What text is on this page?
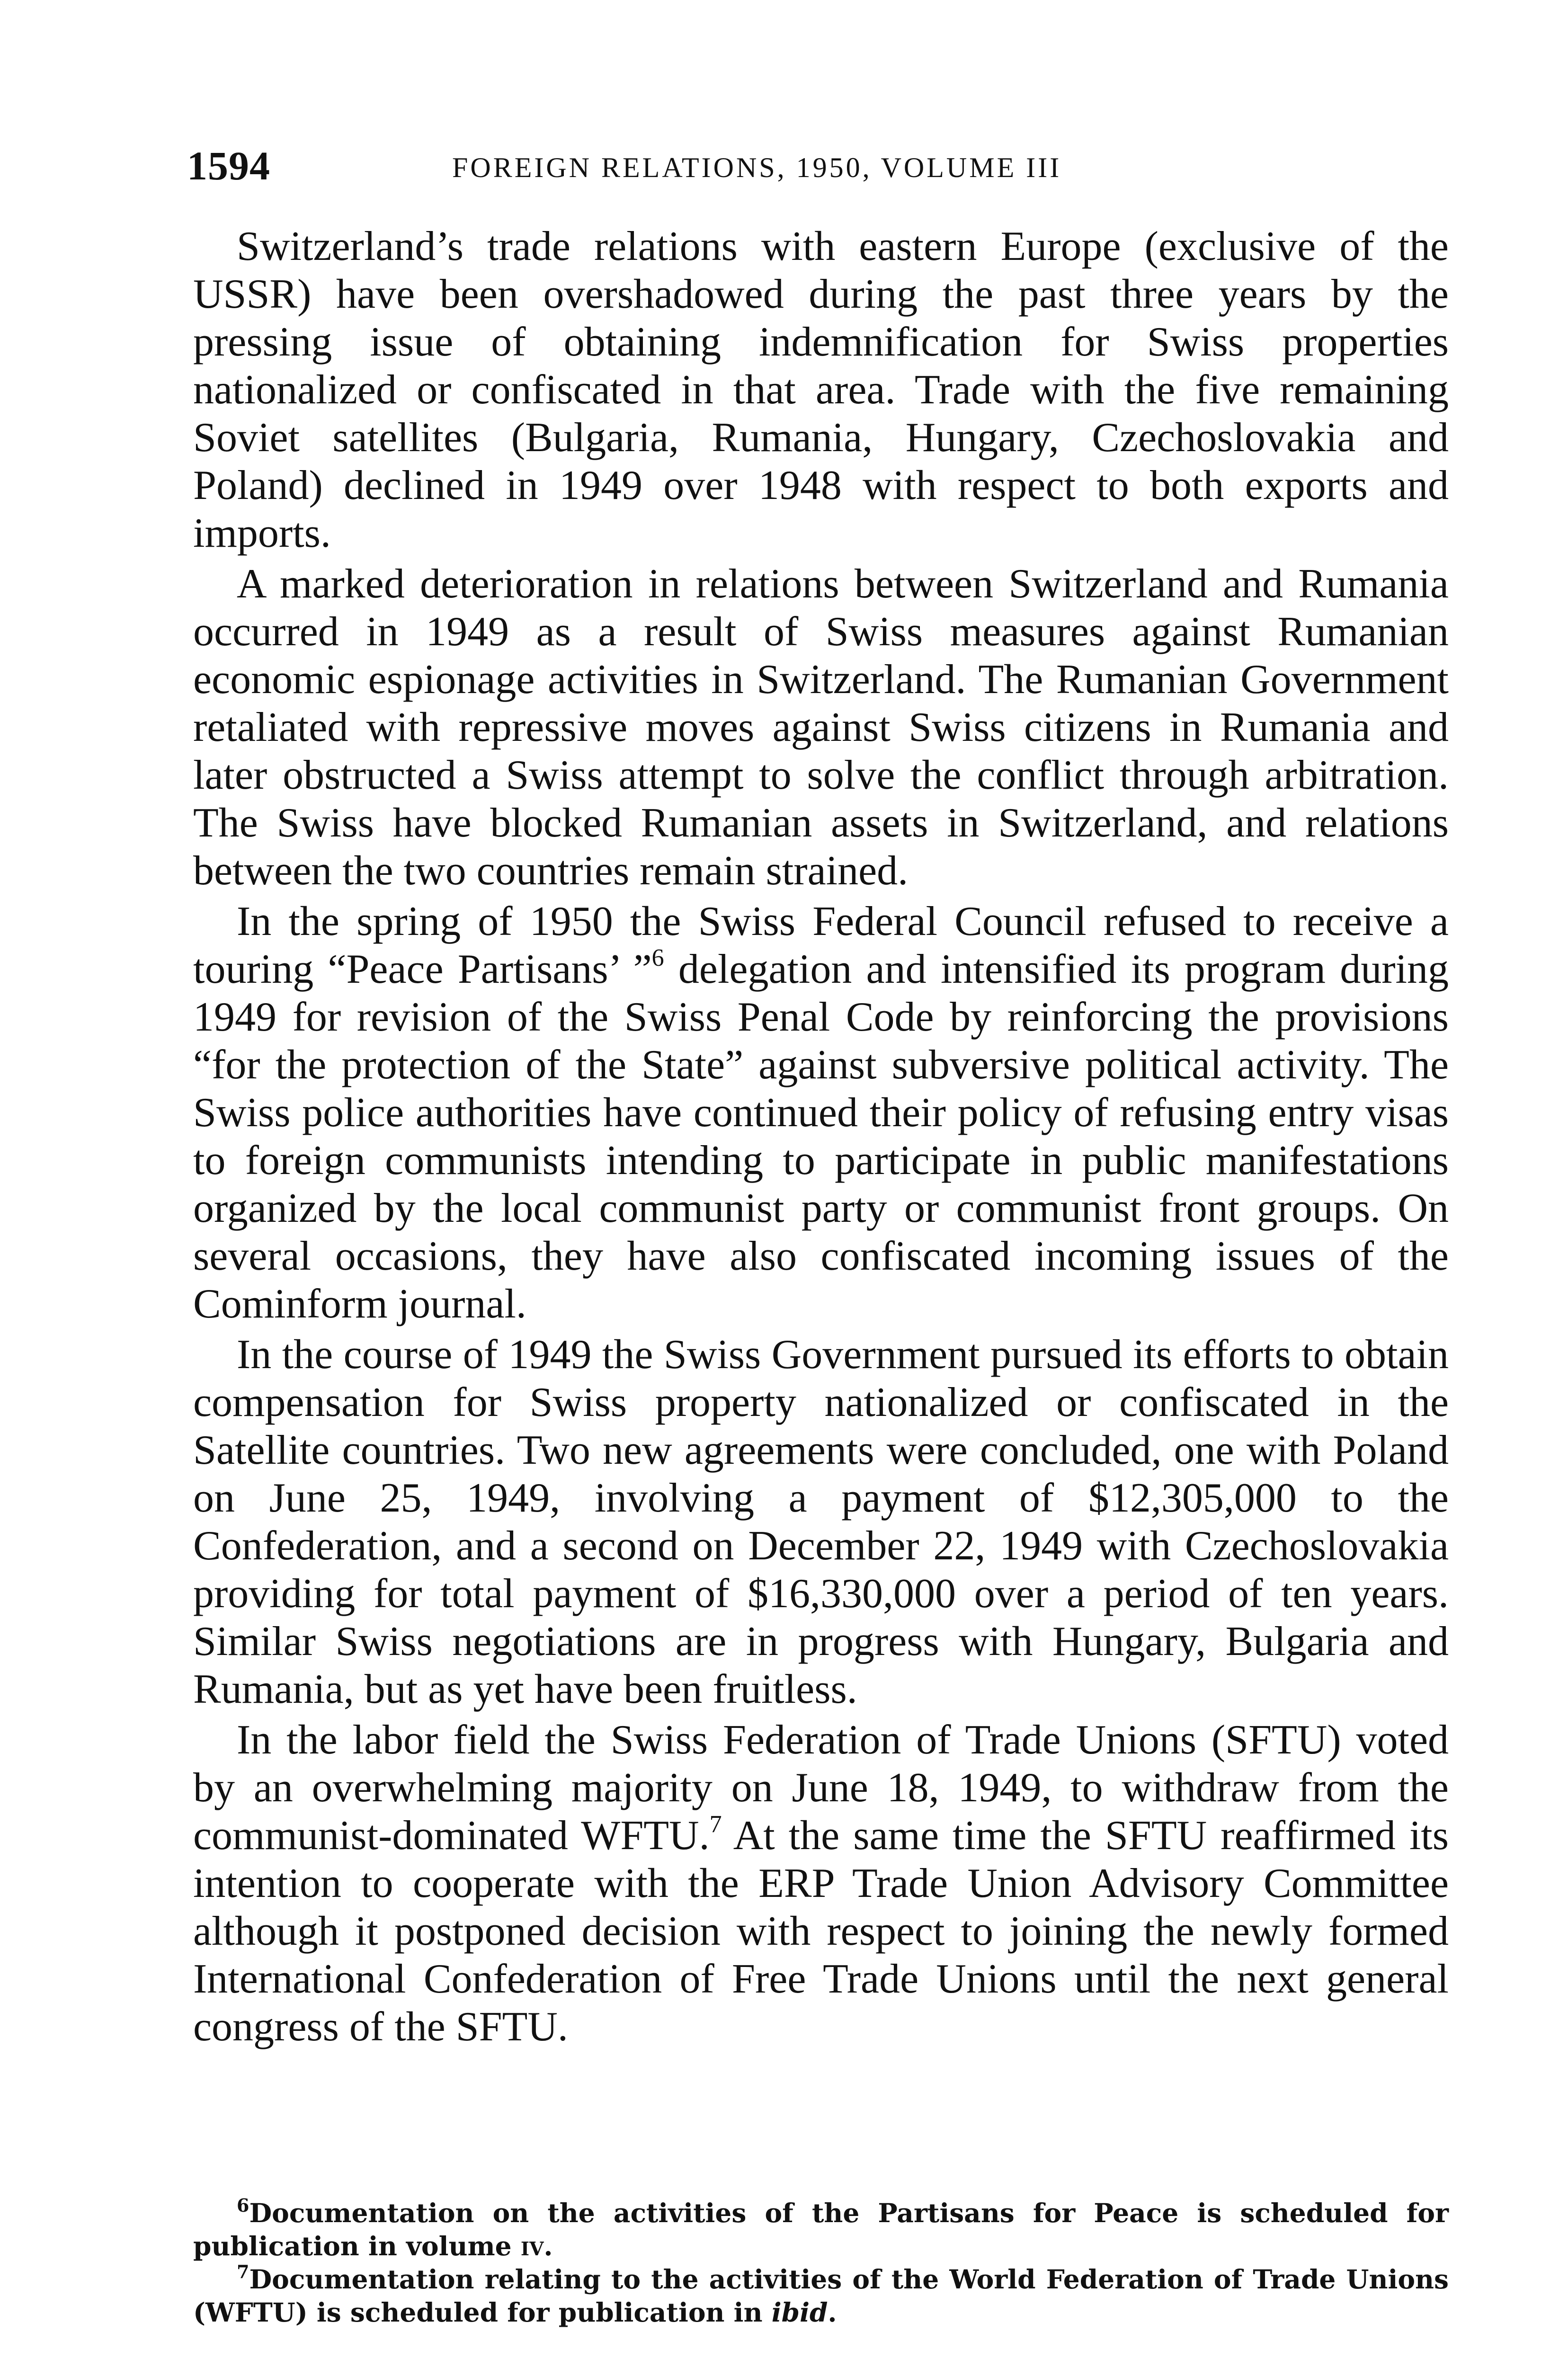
1594	FOREIGN RELATIONS, 1950, VOLUME III

Switzerland’s trade relations with eastern Europe (exclusive of the USSR) have been overshadowed during the past three years by the pressing issue of obtaining indemnification for Swiss properties nationalized or confiscated in that area. Trade with the five remaining Soviet satellites (Bulgaria, Rumania, Hungary, Czechoslovakia and Poland) declined in 1949 over 1948 with respect to both exports and imports.

A marked deterioration in relations between Switzerland and Rumania occurred in 1949 as a result of Swiss measures against Rumanian economic espionage activities in Switzerland. The Rumanian Government retaliated with repressive moves against Swiss citizens in Rumania and later obstructed a Swiss attempt to solve the conflict through arbitration. The Swiss have blocked Rumanian assets in Switzerland, and relations between the two countries remain strained.

In the spring of 1950 the Swiss Federal Council refused to receive a touring “Peace Partisans’ ”$^6$ delegation and intensified its program during 1949 for revision of the Swiss Penal Code by reinforcing the provisions “for the protection of the State” against subversive political activity. The Swiss police authorities have continued their policy of refusing entry visas to foreign communists intending to participate in public manifestations organized by the local communist party or communist front groups. On several occasions, they have also confiscated incoming issues of the Cominform journal.

In the course of 1949 the Swiss Government pursued its efforts to obtain compensation for Swiss property nationalized or confiscated in the Satellite countries. Two new agreements were concluded, one with Poland on June 25, 1949, involving a payment of $12,305,000 to the Confederation, and a second on December 22, 1949 with Czechoslovakia providing for total payment of $16,330,000 over a period of ten years. Similar Swiss negotiations are in progress with Hungary, Bulgaria and Rumania, but as yet have been fruitless.

In the labor field the Swiss Federation of Trade Unions (SFTU) voted by an overwhelming majority on June 18, 1949, to withdraw from the communist-dominated WFTU.$^7$ At the same time the SFTU reaffirmed its intention to cooperate with the ERP Trade Union Advisory Committee although it postponed decision with respect to joining the newly formed International Confederation of Free Trade Unions until the next general congress of the SFTU.

$^6$Documentation on the activities of the Partisans for Peace is scheduled for publication in volume iv.

$^7$Documentation relating to the activities of the World Federation of Trade Unions (WFTU) is scheduled for publication in ibid.
